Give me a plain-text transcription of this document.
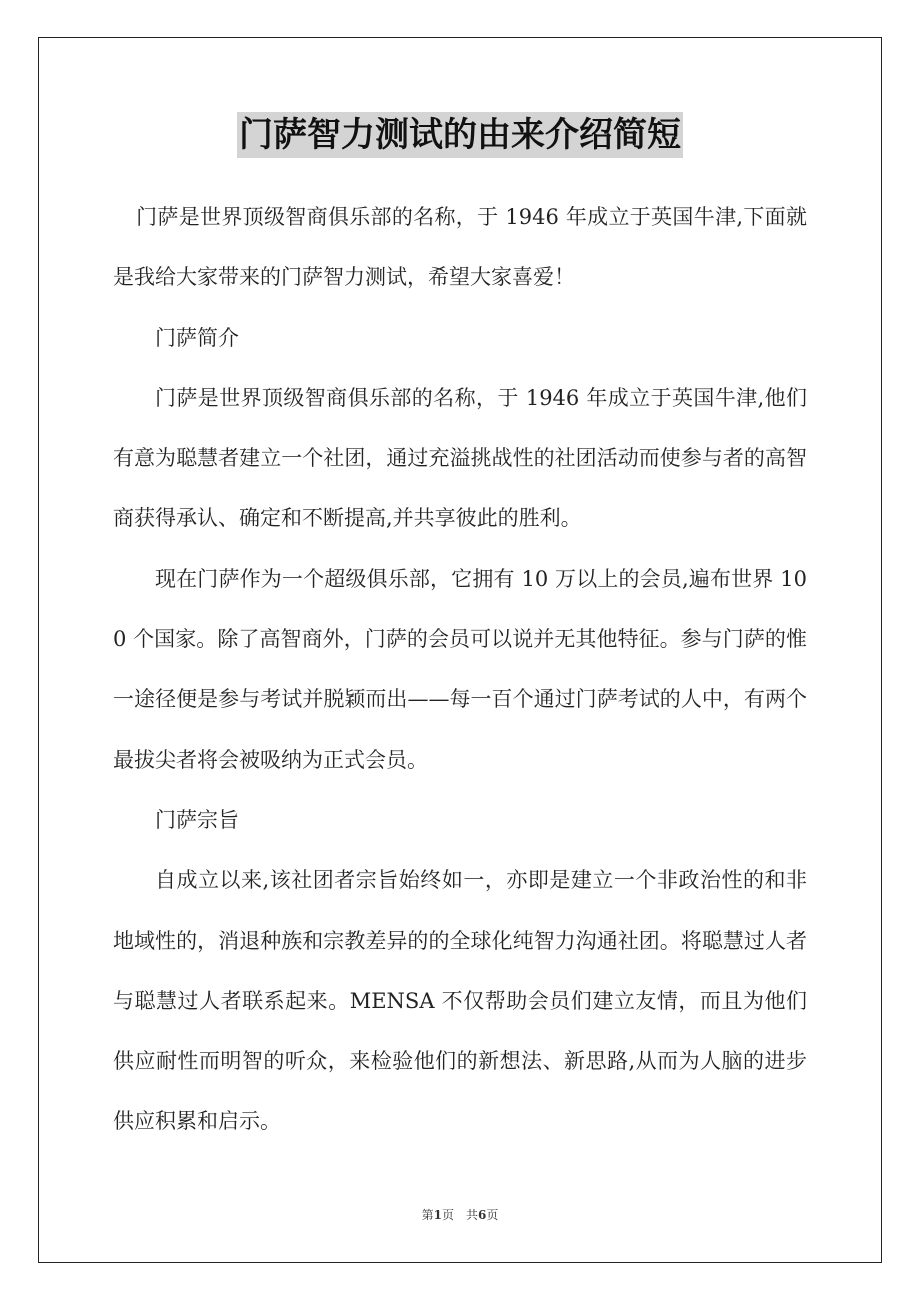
门萨智力测试的由来介绍简短

门萨是世界顶级智商俱乐部的名称，于 1946 年成立于英国牛津,下面就是我给大家带来的门萨智力测试，希望大家喜爱！

门萨简介

门萨是世界顶级智商俱乐部的名称，于 1946 年成立于英国牛津,他们有意为聪慧者建立一个社团，通过充溢挑战性的社团活动而使参与者的高智商获得承认、确定和不断提高,并共享彼此的胜利。

现在门萨作为一个超级俱乐部，它拥有 10 万以上的会员,遍布世界 100 个国家。除了高智商外，门萨的会员可以说并无其他特征。参与门萨的惟一途径便是参与考试并脱颖而出——每一百个通过门萨考试的人中，有两个最拔尖者将会被吸纳为正式会员。

门萨宗旨

自成立以来,该社团者宗旨始终如一，亦即是建立一个非政治性的和非地域性的，消退种族和宗教差异的的全球化纯智力沟通社团。将聪慧过人者与聪慧过人者联系起来。MENSA 不仅帮助会员们建立友情，而且为他们供应耐性而明智的听众，来检验他们的新想法、新思路,从而为人脑的进步供应积累和启示。

第1页　共6页
